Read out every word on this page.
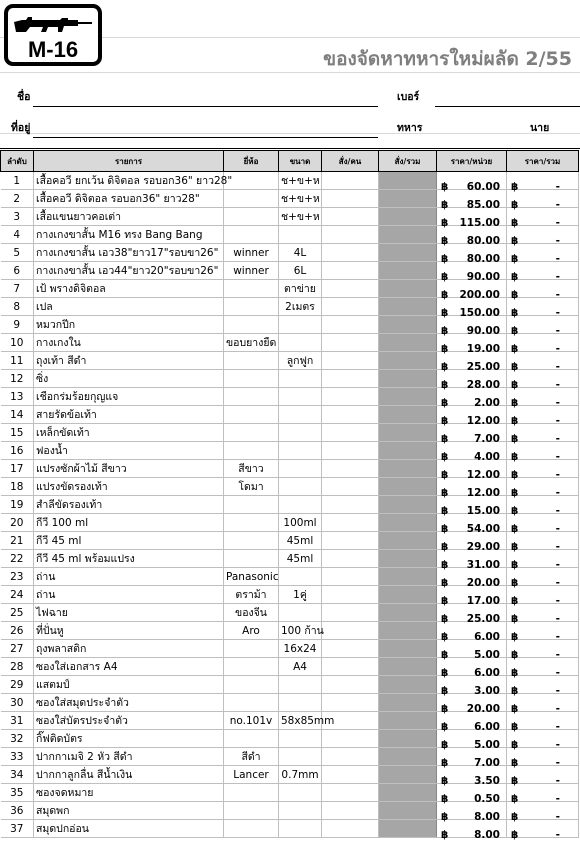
M-16	ของจัดหาทหารใหม่ผลัด 2/55
ชื่อ	เบอร์
ที่อยู่	ทหาร	นาย
ลำดับ	รายการ	ยี่ห้อ	ขนาด	สั่ง/คน	สั่ง/รวม	ราคา/หน่วย	ราคา/รวม
1	เสื้อคอวี ยกเว้น ดิจิตอล รอบอก36" ยาว28"		ช+ข+ห			฿ 60.00	฿ -

2	เสื้อคอวี ดิจิตอล รอบอก36" ยาว28"		ช+ข+ห			฿ 85.00	฿ -

3	เสื้อแขนยาวคอเต่า		ช+ข+ห			฿ 115.00	฿ -

4	กางเกงขาสั้น M16 ทรง Bang Bang					฿ 80.00	฿ -

5	กางเกงขาสั้น เอว38"ยาว17"รอบขา26"	winner	4L			฿ 80.00	฿ -

6	กางเกงขาสั้น เอว44"ยาว20"รอบขา26"	winner	6L			฿ 90.00	฿ -

7	เป้ พรางดิจิตอล		ตาข่าย			฿ 200.00	฿ -

8	เปล		2เมตร			฿ 150.00	฿ -

9	หมวกปีก					฿ 90.00	฿ -

10	กางเกงใน	ขอบยางยืด				฿ 19.00	฿ -

11	ถุงเท้า สีดำ		ลูกฟูก			฿ 25.00	฿ -

12	ซิ่ง					฿ 28.00	฿ -

13	เชือกร่มร้อยกุญแจ					฿ 2.00	฿ -

14	สายรัดข้อเท้า					฿ 12.00	฿ -

15	เหล็กขัดเท้า					฿ 7.00	฿ -

16	ฟองน้ำ					฿ 4.00	฿ -

17	แปรงซักผ้าไม้ สีขาว	สีขาว				฿ 12.00	฿ -

18	แปรงขัดรองเท้า	โดมา				฿ 12.00	฿ -

19	สำลีขัดรองเท้า					฿ 15.00	฿ -

20	กีวี 100 ml		100ml			฿ 54.00	฿ -

21	กีวี 45 ml		45ml			฿ 29.00	฿ -

22	กีวี 45 ml พร้อมแปรง		45ml			฿ 31.00	฿ -

23	ถ่าน	Panasonic				฿ 20.00	฿ -

24	ถ่าน	ตราม้า	1คู่			฿ 17.00	฿ -

25	ไฟฉาย	ของจีน				฿ 25.00	฿ -

26	ที่ปั่นหู	Aro	100 ก้าน			฿ 6.00	฿ -

27	ถุงพลาสติก		16x24			฿ 5.00	฿ -

28	ซองใส่เอกสาร A4		A4			฿ 6.00	฿ -

29	แสตมป์					฿ 3.00	฿ -

30	ซองใส่สมุดประจำตัว					฿ 20.00	฿ -

31	ซองใส่บัตรประจำตัว	no.101v	58x85mm			฿ 6.00	฿ -

32	กิ๊ฟติดบัตร					฿ 5.00	฿ -

33	ปากกาเมจิ 2 หัว สีดำ	สีดำ				฿ 7.00	฿ -

34	ปากกาลูกลื่น สีน้ำเงิน	Lancer	0.7mm			฿ 3.50	฿ -

35	ซองจดหมาย					฿ 0.50	฿ -

36	สมุดพก					฿ 8.00	฿ -

37	สมุดปกอ่อน					฿ 8.00	฿ -
